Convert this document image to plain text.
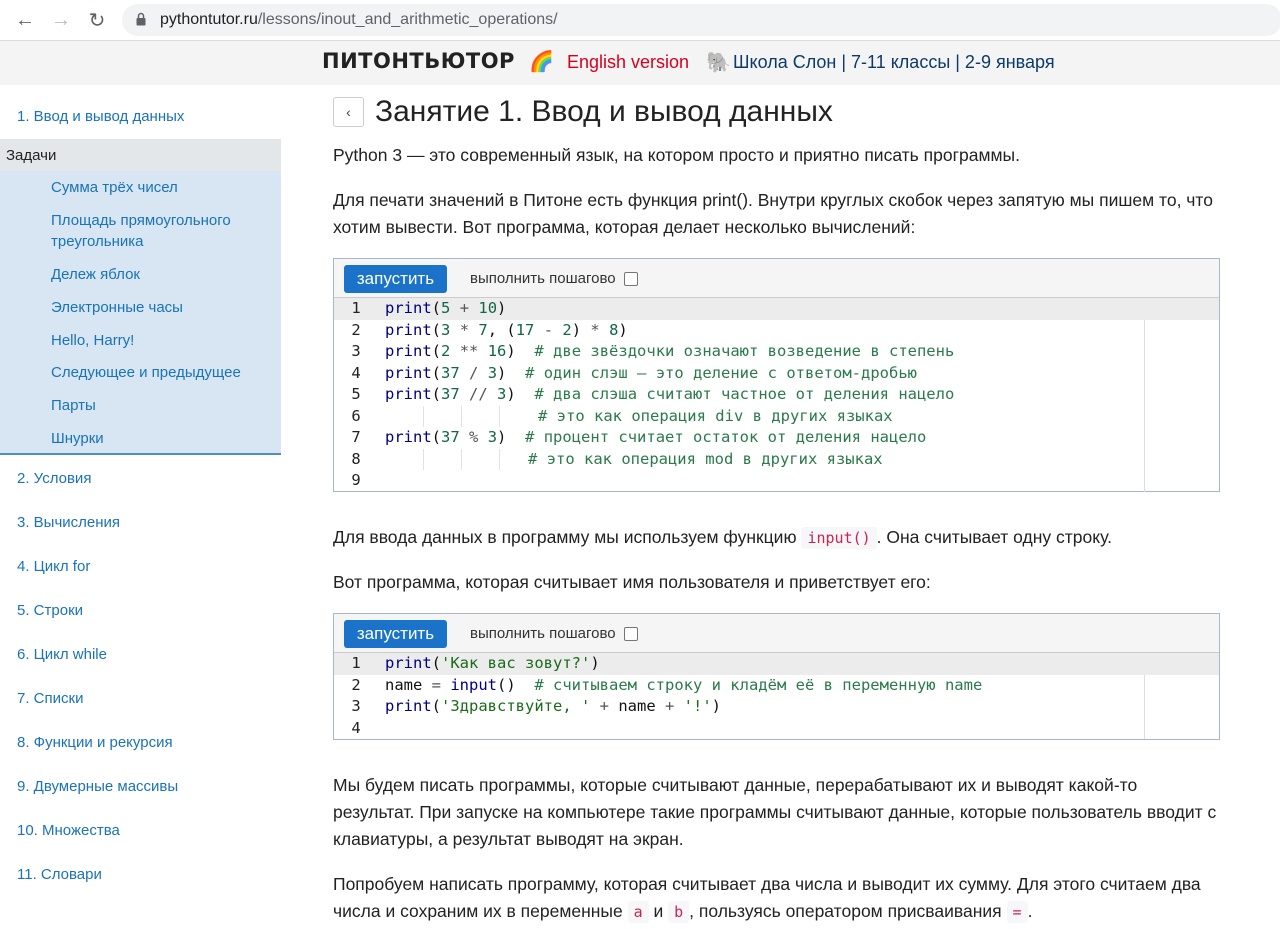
← → ↻	pythontutor.ru/lessons/inout_and_arithmetic_operations/
ПИТОНТЬЮТОР 🌈 English version 🐘 Школа Слон | 7-11 классы | 2-9 января
1. Ввод и вывод данных
Задачи
Сумма трёх чисел
Площадь прямоугольного треугольника
Дележ яблок
Электронные часы
Hello, Harry!
Следующее и предыдущее
Парты
Шнурки
2. Условия
3. Вычисления
4. Цикл for
5. Строки
6. Цикл while
7. Списки
8. Функции и рекурсия
9. Двумерные массивы
10. Множества
11. Словари
‹ Занятие 1. Ввод и вывод данных

Python 3 — это современный язык, на котором просто и приятно писать программы.

Для печати значений в Питоне есть функция print(). Внутри круглых скобок через запятую мы пишем то, что хотим вывести. Вот программа, которая делает несколько вычислений:

запустить	выполнить пошагово

1

	print(5 + 10)

2

	print(3 * 7, (17 - 2) * 8)

3

	print(2 ** 16) # две звёздочки означают возведение в степень

4

	print(37 / 3) # один слэш — это деление с ответом-дробью

5

	print(37 // 3) # два слэша считают частное от деления нацело

6

	# это как операция div в других языках

7

	print(37 % 3) # процент считает остаток от деления нацело

8

	# это как операция mod в других языках

9

Для ввода данных в программу мы используем функцию input() . Она считывает одну строку.

Вот программа, которая считывает имя пользователя и приветствует его:

запустить	выполнить пошагово

1

	print('Как вас зовут?')

2

	name = input() # считываем строку и кладём её в переменную name

3

	print('Здравствуйте, ' + name + '!')

4

Мы будем писать программы, которые считывают данные, перерабатывают их и выводят какой-то результат. При запуске на компьютере такие программы считывают данные, которые пользователь вводит с клавиатуры, а результат выводят на экран.

Попробуем написать программу, которая считывает два числа и выводит их сумму. Для этого считаем два числа и сохраним их в переменные a и b , пользуясь оператором присваивания = .
